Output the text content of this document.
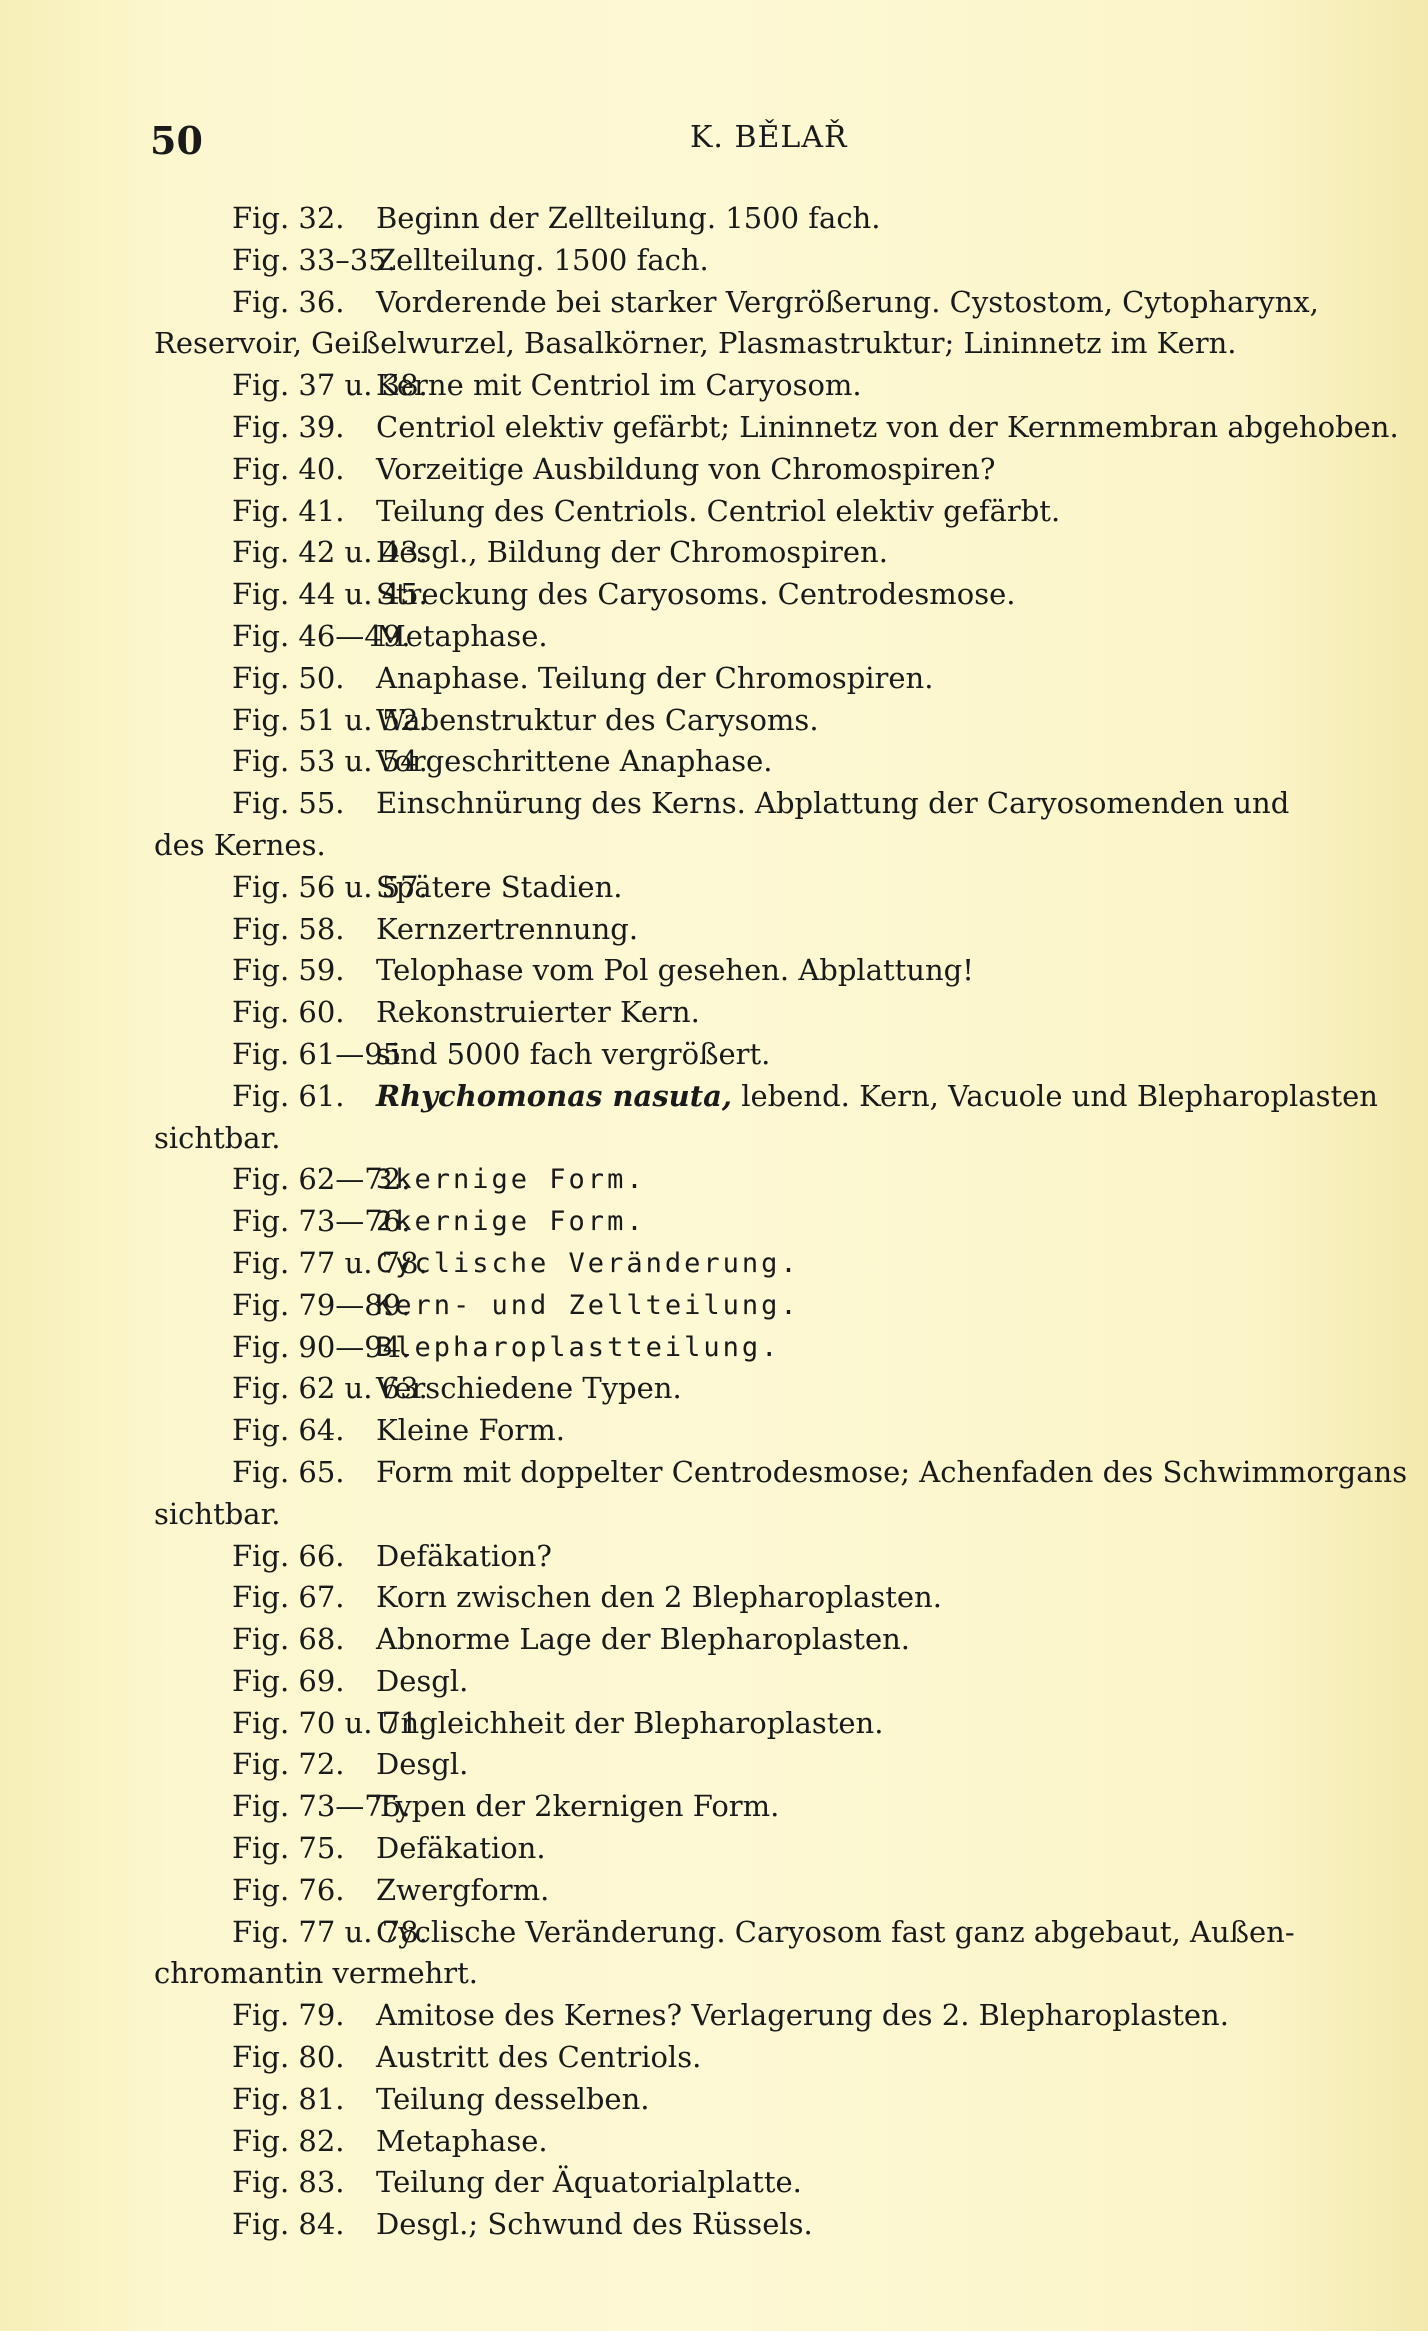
50	K. BĚLAŘ
Fig. 32. Beginn der Zellteilung. 1500 fach.
Fig. 33–35.
Zellteilung. 1500 fach.
Fig. 36. Vorderende bei starker Vergrößerung. Cystostom, Cytopharynx,
Reservoir, Geißelwurzel, Basalkörner, Plasmastruktur; Lininnetz im Kern.
Fig. 37 u. 38.
Kerne mit Centriol im Caryosom.
Fig. 39. Centriol elektiv gefärbt; Lininnetz von der Kernmembran abgehoben.
Fig. 40. Vorzeitige Ausbildung von Chromospiren?
Fig. 41. Teilung des Centriols. Centriol elektiv gefärbt.
Fig. 42 u. 43.
Desgl., Bildung der Chromospiren.
Fig. 44 u. 45.
Streckung des Caryosoms. Centrodesmose.
Fig. 46—49.
Metaphase.
Fig. 50. Anaphase. Teilung der Chromospiren.
Fig. 51 u. 52.
Wabenstruktur des Carysoms.
Fig. 53 u. 54.
Vorgeschrittene Anaphase.
Fig. 55. Einschnürung des Kerns. Abplattung der Caryosomenden und
des Kernes.
Fig. 56 u. 57.
Spätere Stadien.
Fig. 58. Kernzertrennung.
Fig. 59. Telophase vom Pol gesehen. Abplattung!
Fig. 60. Rekonstruierter Kern.
Fig. 61—95
sind 5000 fach vergrößert.
Fig. 61. Rhychomonas nasuta, lebend. Kern, Vacuole und Blepharoplasten
sichtbar.
Fig. 62—72.
3kernige Form.
Fig. 73—76.
2kernige Form.
Fig. 77 u. 78.
Cyclische Veränderung.
Fig. 79—89.
Kern- und Zellteilung.
Fig. 90—94.
Blepharoplastteilung.
Fig. 62 u. 63.
Verschiedene Typen.
Fig. 64. Kleine Form.
Fig. 65. Form mit doppelter Centrodesmose; Achenfaden des Schwimmorgans
sichtbar.
Fig. 66. Defäkation?
Fig. 67. Korn zwischen den 2 Blepharoplasten.
Fig. 68. Abnorme Lage der Blepharoplasten.
Fig. 69. Desgl.
Fig. 70 u. 71.
Ungleichheit der Blepharoplasten.
Fig. 72. Desgl.
Fig. 73—75.
Typen der 2kernigen Form.
Fig. 75. Defäkation.
Fig. 76. Zwergform.
Fig. 77 u. 78.
Cyclische Veränderung. Caryosom fast ganz abgebaut, Außen-
chromantin vermehrt.
Fig. 79. Amitose des Kernes? Verlagerung des 2. Blepharoplasten.
Fig. 80. Austritt des Centriols.
Fig. 81. Teilung desselben.
Fig. 82. Metaphase.
Fig. 83. Teilung der Äquatorialplatte.
Fig. 84. Desgl.; Schwund des Rüssels.
